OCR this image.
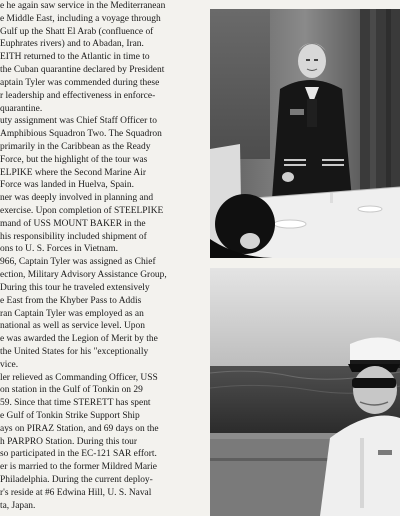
e he again saw service in the Mediterranean
e Middle East, including a voyage through
Gulf up the Shatt El Arab (confluence of
Euphrates rivers) and to Abadan, Iran.
EITH returned to the Atlantic in time to
the Cuban quarantine declared by President
aptain Tyler was commended during these
r leadership and effectiveness in enforce-
quarantine.
uty assignment was Chief Staff Officer to
Amphibious Squadron Two. The Squadron
primarily in the Caribbean as the Ready
Force, but the highlight of the tour was
ELPIKE where the Second Marine Air
Force was landed in Huelva, Spain.
ner was deeply involved in planning and
exercise. Upon completion of STEELPIKE
mand of USS MOUNT BAKER in the
his responsibility included shipment of
ons to U. S. Forces in Vietnam.
966, Captain Tyler was assigned as Chief
ection, Military Advisory Assistance Group,
During this tour he traveled extensively
e East from the Khyber Pass to Addis
ran Captain Tyler was employed as an
national as well as service level. Upon
e was awarded the Legion of Merit by the
the United States for his "exceptionally
vice.
ler relieved as Commanding Officer, USS
on station in the Gulf of Tonkin on 29
59. Since that time STERETT has spent
e Gulf of Tonkin Strike Support Ship
ays on PIRAZ Station, and 69 days on the
h PARPRO Station. During this tour
so participated in the EC-121 SAR effort.
er is married to the former Mildred Marie
Philadelphia. During the current deploy-
r's reside at #6 Edwina Hill, U. S. Naval
ta, Japan.
